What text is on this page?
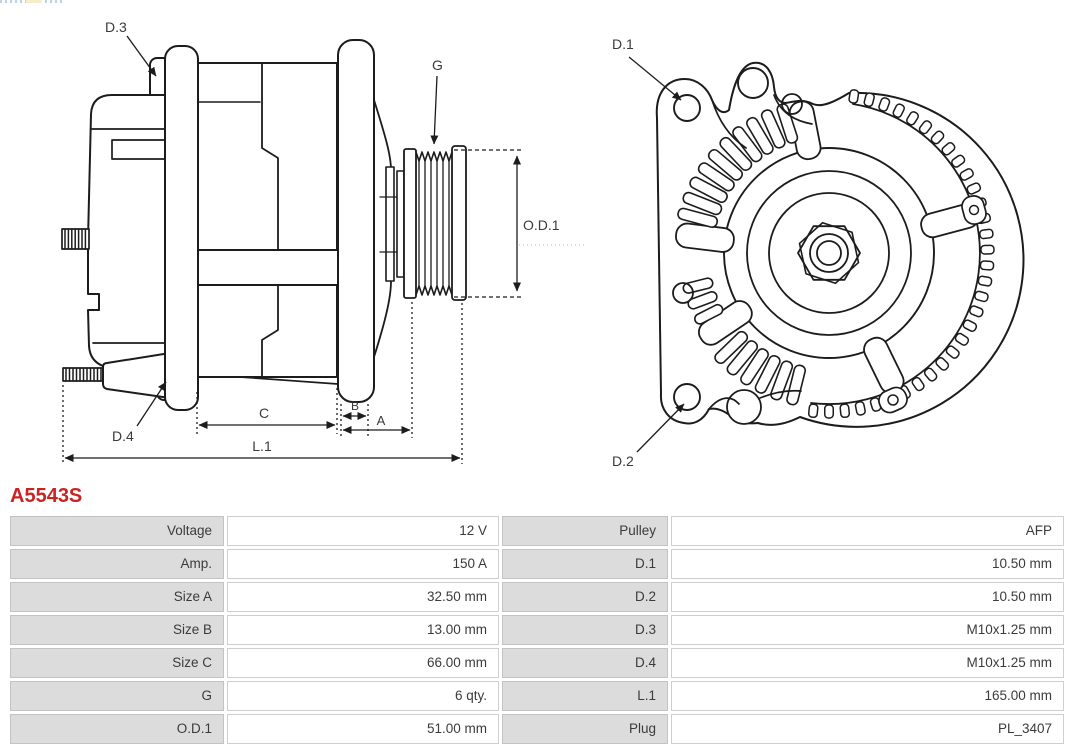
D.3
D.4
G
O.D.1
C	B
A
L.1
D.1
D.2
A5543S
Voltage	12 V	Pulley	AFP
Amp.	150 A	D.1	10.50 mm
Size A	32.50 mm	D.2	10.50 mm
Size B	13.00 mm	D.3	M10x1.25 mm
Size C	66.00 mm	D.4	M10x1.25 mm
G	6 qty.	L.1	165.00 mm
O.D.1	51.00 mm	Plug	PL_3407
